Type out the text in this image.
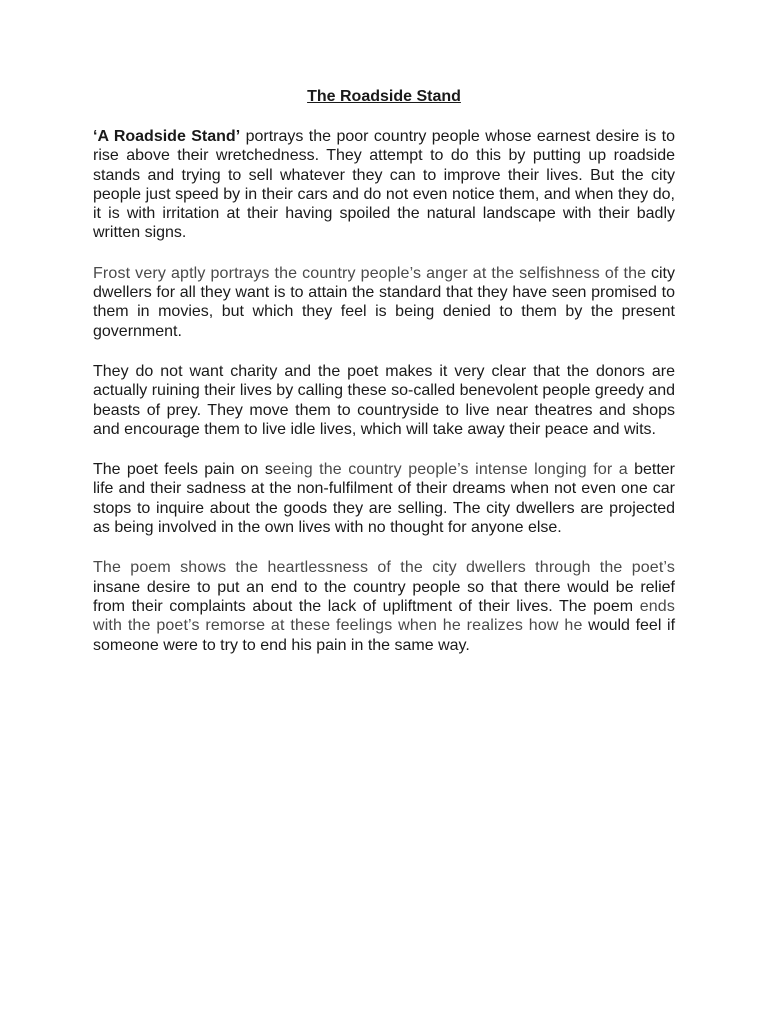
The Roadside Stand

‘A Roadside Stand’ portrays the poor country people whose earnest desire is to rise above their wretchedness. They attempt to do this by putting up roadside stands and trying to sell whatever they can to improve their lives. But the city people just speed by in their cars and do not even notice them, and when they do, it is with irritation at their having spoiled the natural landscape with their badly written signs.

Frost very aptly portrays the country people’s anger at the selfishness of the city dwellers for all they want is to attain the standard that they have seen promised to them in movies, but which they feel is being denied to them by the present government.

They do not want charity and the poet makes it very clear that the donors are actually ruining their lives by calling these so-called benevolent people greedy and beasts of prey. They move them to countryside to live near theatres and shops and encourage them to live idle lives, which will take away their peace and wits.

The poet feels pain on seeing the country people’s intense longing for a better life and their sadness at the non-fulfilment of their dreams when not even one car stops to inquire about the goods they are selling. The city dwellers are projected as being involved in the own lives with no thought for anyone else.

The poem shows the heartlessness of the city dwellers through the poet’s insane desire to put an end to the country people so that there would be relief from their complaints about the lack of upliftment of their lives. The poem ends with the poet’s remorse at these feelings when he realizes how he would feel if someone were to try to end his pain in the same way.
